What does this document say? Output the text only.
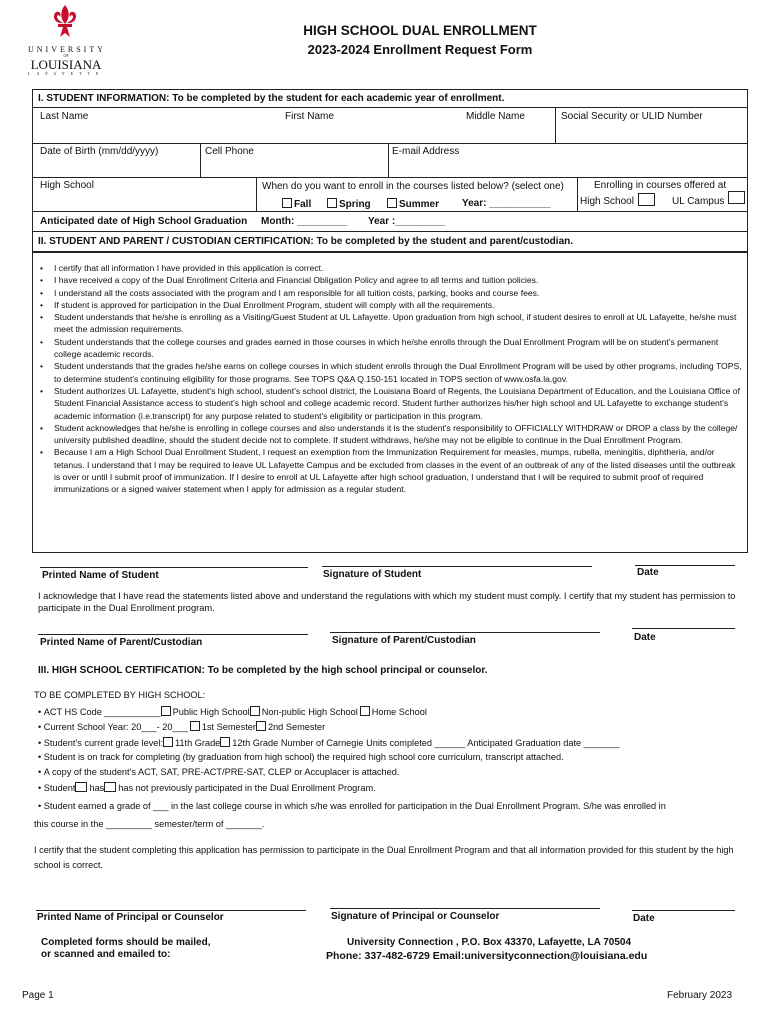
UNIVERSITY
OF
LOUISIANA
LAFAYETTE
HIGH SCHOOL DUAL ENROLLMENT
2023-2024 Enrollment Request Form
I. STUDENT INFORMATION: To be completed by the student for each academic year of enrollment.
Last Name	First Name	Middle Name	Social Security or ULID Number
Date of Birth (mm/dd/yyyy)	Cell Phone	E-mail Address
High School	When do you want to enroll in the courses listed below? (select one)
Fall	Spring	Summer Year: ___________
Enrolling in courses offered at
High School	UL Campus
Anticipated date of High School Graduation Month: _________ Year :_________
II. STUDENT AND PARENT / CUSTODIAN CERTIFICATION: To be completed by the student and parent/custodian.
• I certify that all information I have provided in this application is correct.
• I have received a copy of the Dual Enrollment Criteria and Financial Obligation Policy and agree to all terms and tuition policies.
• I understand all the costs associated with the program and I am responsible for all tuition costs, parking, books and course fees.
• If student is approved for participation in the Dual Enrollment Program, student will comply with all the requirements.
• Student understands that he/she is enrolling as a Visiting/Guest Student at UL Lafayette. Upon graduation from high school, if student desires to enroll at UL Lafayette, he/she must meet the admission requirements.
• Student understands that the college courses and grades earned in those courses in which he/she enrolls through the Dual Enrollment Program will be on student's permanent college academic records.
• Student understands that the grades he/she earns on college courses in which student enrolls through the Dual Enrollment Program will be used by other programs, including TOPS, to determine student's continuing eligibility for those programs. See TOPS Q&A Q.150-151 located in TOPS section of www.osfa.la.gov.
• Student authorizes UL Lafayette, student's high school, student's school district, the Louisiana Board of Regents, the Louisiana Department of Education, and the Louisiana Office of Student Financial Assistance access to student's high school and college academic record. Student further authorizes his/her high school and UL Lafayette to exchange student's academic information (i.e.transcript) for any purpose related to student's eligibility or participation in this program.
• Student acknowledges that he/she is enrolling in college courses and also understands it is the student's responsibility to OFFICIALLY WITHDRAW or DROP a class by the college/ university published deadline, should the student decide not to complete. If student withdraws, he/she may not be eligible to continue in the Dual Enrollment Program.
• Because I am a High School Dual Enrollment Student, I request an exemption from the Immunization Requirement for measles, mumps, rubella, meningitis, diphtheria, and/or tetanus. I understand that I may be required to leave UL Lafayette Campus and be excluded from classes in the event of an outbreak of any of the listed diseases until the outbreak is over or until I submit proof of immunization. If I desire to enroll at UL Lafayette after high school graduation, I understand that I will be required to submit proof of required immunizations or a signed waiver statement when I apply for admission as a regular student.
Printed Name of Student	Signature of Student	Date
I acknowledge that I have read the statements listed above and understand the regulations with which my student must comply. I certify that my student has permission to participate in the Dual Enrollment program.
Printed Name of Parent/Custodian	Signature of Parent/Custodian	Date
III. HIGH SCHOOL CERTIFICATION: To be completed by the high school principal or counselor.
TO BE COMPLETED BY HIGH SCHOOL:
• ACT HS Code ___________ Public High School Non-public High School Home School
• Current School Year: 20___- 20___ 1st Semester 2nd Semester
• Student's current grade level: 11th Grade 12th Grade Number of Carnegie Units completed ______ Anticipated Graduation date _______
• Student is on track for completing (by graduation from high school) the required high school core curriculum, transcript attached.
• A copy of the student's ACT, SAT, PRE-ACT/PRE-SAT, CLEP or Accuplacer is attached.
• Student has has not previously participated in the Dual Enrollment Program.
• Student earned a grade of ___ in the last college course in which s/he was enrolled for participation in the Dual Enrollment Program. S/he was enrolled in
this course in the _________ semester/term of _______.
I certify that the student completing this application has permission to participate in the Dual Enrollment Program and that all information provided for this student by the high school is correct.
Printed Name of Principal or Counselor	Signature of Principal or Counselor	Date
Completed forms should be mailed,
or scanned and emailed to:
University Connection , P.O. Box 43370, Lafayette, LA 70504
Phone: 337-482-6729 Email:universityconnection@louisiana.edu
Page 1	February 2023
